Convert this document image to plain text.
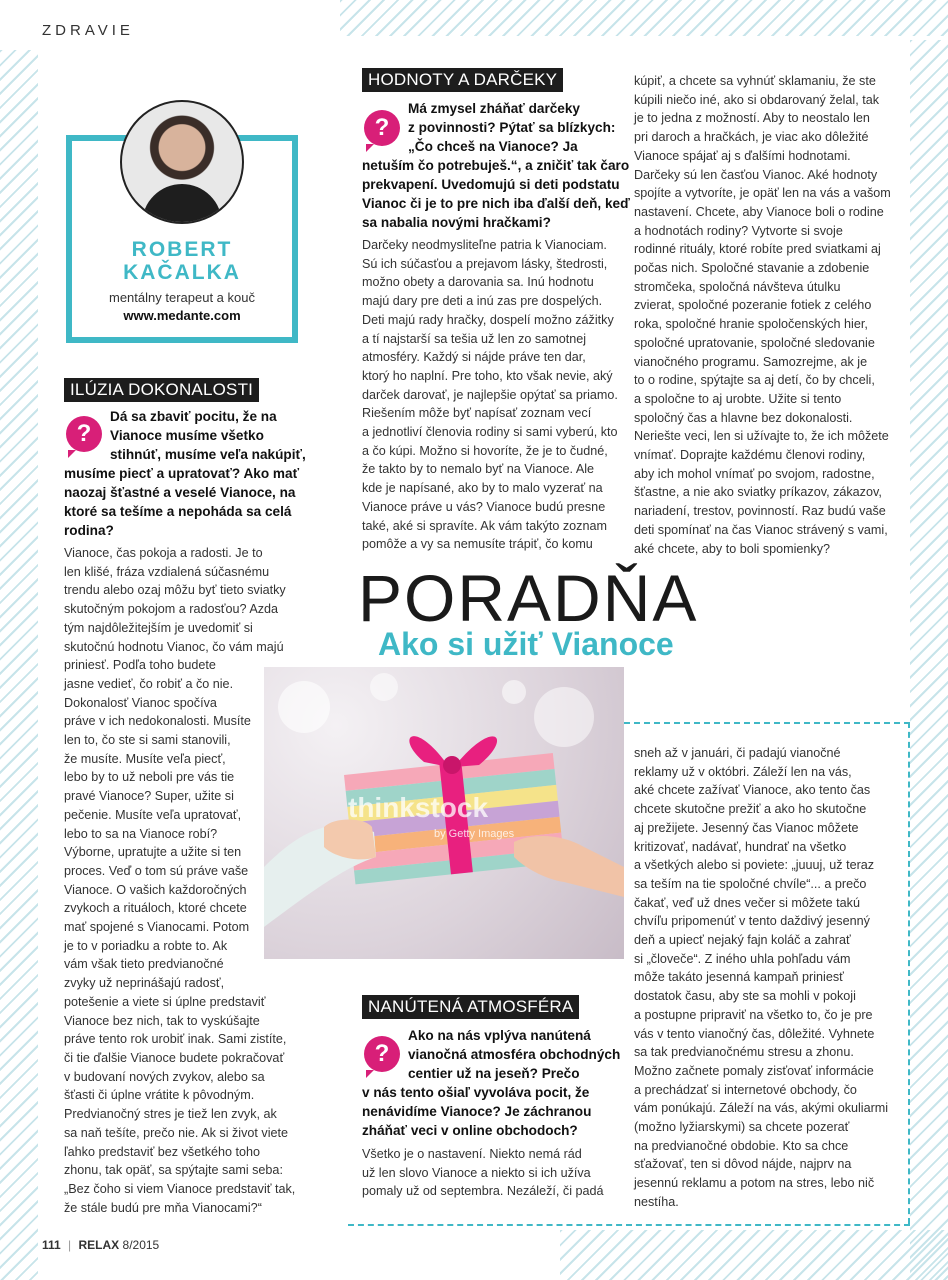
ZDRAVIE
ROBERT
KAČALKA
mentálny terapeut a kouč
www.medante.com
ILÚZIA DOKONALOSTI
?
Dá sa zbaviť pocitu, že na
Vianoce musíme všetko
stihnúť, musíme veľa nakúpiť,
musíme piecť a upratovať? Ako mať
naozaj šťastné a veselé Vianoce, na
ktoré sa tešíme a nepoháda sa celá
rodina?
Vianoce, čas pokoja a radosti. Je to
len klišé, fráza vzdialená súčasnému
trendu alebo ozaj môžu byť tieto sviatky
skutočným pokojom a radosťou? Azda
tým najdôležitejším je uvedomiť si
skutočnú hodnotu Vianoc, čo vám majú
priniesť. Podľa toho budete
jasne vedieť, čo robiť a čo nie.
Dokonalosť Vianoc spočíva
práve v ich nedokonalosti. Musíte
len to, čo ste si sami stanovili,
že musíte. Musíte veľa piecť,
lebo by to už neboli pre vás tie
pravé Vianoce? Super, užite si
pečenie. Musíte veľa upratovať,
lebo to sa na Vianoce robí?
Výborne, upratujte a užite si ten
proces. Veď o tom sú práve vaše
Vianoce. O vašich každoročných
zvykoch a rituáloch, ktoré chcete
mať spojené s Vianocami. Potom
je to v poriadku a robte to. Ak
vám však tieto predvianočné
zvyky už neprinášajú radosť,
potešenie a viete si úplne predstaviť
Vianoce bez nich, tak to vyskúšajte
práve tento rok urobiť inak. Sami zistíte,
či tie ďalšie Vianoce budete pokračovať
v budovaní nových zvykov, alebo sa
šťasti či úplne vrátite k pôvodným.
Predvianočný stres je tiež len zvyk, ak
sa naň tešíte, prečo nie. Ak si život viete
ľahko predstaviť bez všetkého toho
zhonu, tak opäť, sa spýtajte sami seba:
„Bez čoho si viem Vianoce predstaviť tak,
že stále budú pre mňa Vianocami?“
HODNOTY A DARČEKY
?
Má zmysel zháňať darčeky
z povinnosti? Pýtať sa blízkych:
„Čo chceš na Vianoce? Ja
netuším čo potrebuješ.“, a zničiť tak čaro
prekvapení. Uvedomujú si deti podstatu
Vianoc či je to pre nich iba ďalší deň, keď
sa nabalia novými hračkami?
Darčeky neodmysliteľne patria k Vianociam.
Sú ich súčasťou a prejavom lásky, štedrosti,
možno obety a darovania sa. Inú hodnotu
majú dary pre deti a inú zas pre dospelých.
Deti majú rady hračky, dospelí možno zážitky
a tí najstarší sa tešia už len zo samotnej
atmosféry. Každý si nájde práve ten dar,
ktorý ho naplní. Pre toho, kto však nevie, aký
darček darovať, je najlepšie opýtať sa priamo.
Riešením môže byť napísať zoznam vecí
a jednotliví členovia rodiny si sami vyberú, kto
a čo kúpi. Možno si hovoríte, že je to čudné,
že takto by to nemalo byť na Vianoce. Ale
kde je napísané, ako by to malo vyzerať na
Vianoce práve u vás? Vianoce budú presne
také, aké si spravíte. Ak vám takýto zoznam
pomôže a vy sa nemusíte trápiť, čo komu
kúpiť, a chcete sa vyhnúť sklamaniu, že ste
kúpili niečo iné, ako si obdarovaný želal, tak
je to jedna z možností. Aby to neostalo len
pri daroch a hračkách, je viac ako dôležité
Vianoce spájať aj s ďalšími hodnotami.
Darčeky sú len časťou Vianoc. Aké hodnoty
spojíte a vytvoríte, je opäť len na vás a vašom
nastavení. Chcete, aby Vianoce boli o rodine
a hodnotách rodiny? Vytvorte si svoje
rodinné rituály, ktoré robíte pred sviatkami aj
počas nich. Spoločné stavanie a zdobenie
stromčeka, spoločná návšteva útulku
zvierat, spoločné pozeranie fotiek z celého
roka, spoločné hranie spoločenských hier,
spoločné upratovanie, spoločné sledovanie
vianočného programu. Samozrejme, ak je
to o rodine, spýtajte sa aj detí, čo by chceli,
a spoločne to aj urobte. Užite si tento
spoločný čas a hlavne bez dokonalosti.
Neriešte veci, len si užívajte to, že ich môžete
vnímať. Doprajte každému členovi rodiny,
aby ich mohol vnímať po svojom, radostne,
šťastne, a nie ako sviatky príkazov, zákazov,
nariadení, trestov, povinností. Raz budú vaše
deti spomínať na čas Vianoc strávený s vami,
aké chcete, aby to boli spomienky?
PORADŇA
Ako si užiť Vianoce
thinkstock
by Getty Images
NANÚTENÁ ATMOSFÉRA
?
Ako na nás vplýva nanútená
vianočná atmosféra obchodných
centier už na jeseň? Prečo
v nás tento ošiaľ vyvoláva pocit, že
nenávidíme Vianoce? Je záchranou
zháňať veci v online obchodoch?
Všetko je o nastavení. Niekto nemá rád
už len slovo Vianoce a niekto si ich užíva
pomaly už od septembra. Nezáleží, či padá
sneh až v januári, či padajú vianočné
reklamy už v októbri. Záleží len na vás,
aké chcete zažívať Vianoce, ako tento čas
chcete skutočne prežiť a ako ho skutočne
aj prežijete. Jesenný čas Vianoc môžete
kritizovať, nadávať, hundrať na všetko
a všetkých alebo si poviete: „juuuj, už teraz
sa teším na tie spoločné chvíle“... a prečo
čakať, veď už dnes večer si môžete takú
chvíľu pripomenúť v tento daždivý jesenný
deň a upiecť nejaký fajn koláč a zahrať
si „človeče“. Z iného uhla pohľadu vám
môže takáto jesenná kampaň priniesť
dostatok času, aby ste sa mohli v pokoji
a postupne pripraviť na všetko to, čo je pre
vás v tento vianočný čas, dôležité. Vyhnete
sa tak predvianočnému stresu a zhonu.
Možno začnete pomaly zisťovať informácie
a prechádzať si internetové obchody, čo
vám ponúkajú. Záleží na vás, akými okuliarmi
(možno lyžiarskymi) sa chcete pozerať
na predvianočné obdobie. Kto sa chce
sťažovať, ten si dôvod nájde, najprv na
jesennú reklamu a potom na stres, lebo nič
nestíha.
111 | RELAX 8/2015
